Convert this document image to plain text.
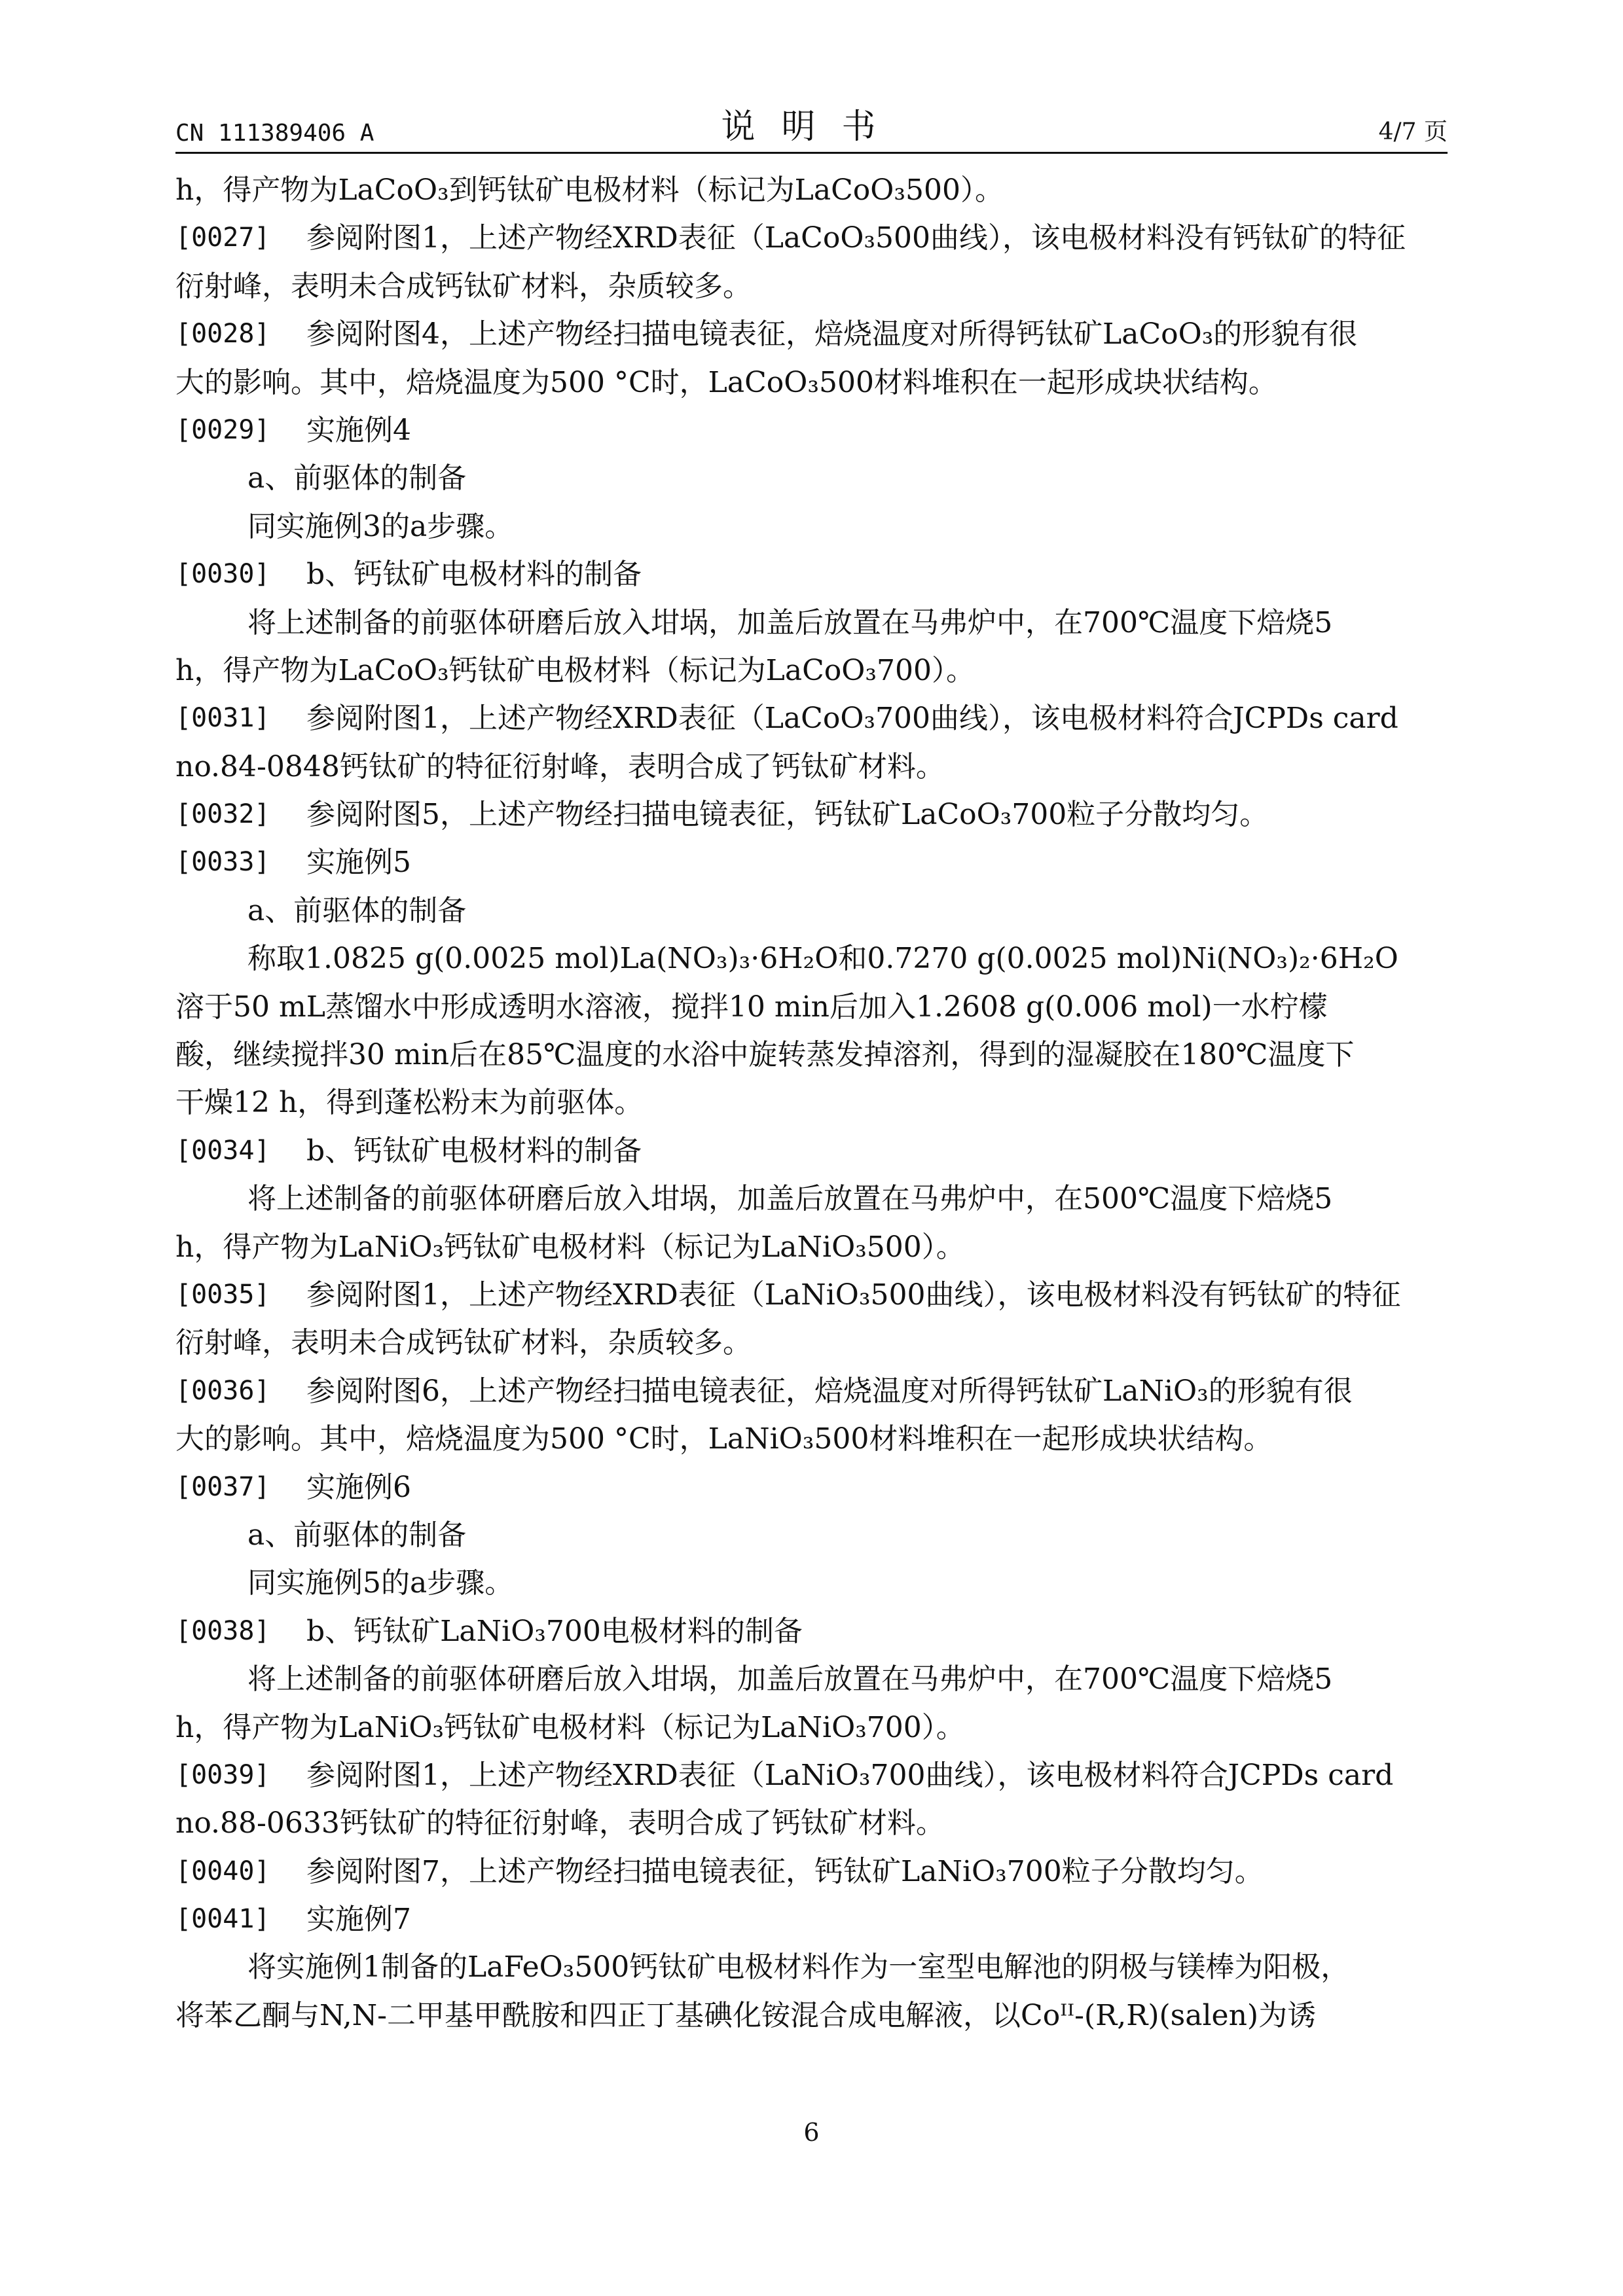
CN 111389406 A	说明书	4/7 页
h，得产物为LaCoO₃到钙钛矿电极材料（标记为LaCoO₃500）。
[0027]	参阅附图1，上述产物经XRD表征（LaCoO₃500曲线），该电极材料没有钙钛矿的特征
衍射峰，表明未合成钙钛矿材料，杂质较多。
[0028]	参阅附图4，上述产物经扫描电镜表征，焙烧温度对所得钙钛矿LaCoO₃的形貌有很
大的影响。其中，焙烧温度为500 °C时，LaCoO₃500材料堆积在一起形成块状结构。
[0029]	实施例4
a、前驱体的制备
同实施例3的a步骤。
[0030]	b、钙钛矿电极材料的制备
将上述制备的前驱体研磨后放入坩埚，加盖后放置在马弗炉中，在700℃温度下焙烧5
h，得产物为LaCoO₃钙钛矿电极材料（标记为LaCoO₃700）。
[0031]	参阅附图1，上述产物经XRD表征（LaCoO₃700曲线），该电极材料符合JCPDs card
no.84-0848钙钛矿的特征衍射峰，表明合成了钙钛矿材料。
[0032]	参阅附图5，上述产物经扫描电镜表征，钙钛矿LaCoO₃700粒子分散均匀。
[0033]	实施例5
a、前驱体的制备
称取1.0825 g(0.0025 mol)La(NO₃)₃·6H₂O和0.7270 g(0.0025 mol)Ni(NO₃)₂·6H₂O
溶于50 mL蒸馏水中形成透明水溶液，搅拌10 min后加入1.2608 g(0.006 mol)一水柠檬
酸，继续搅拌30 min后在85℃温度的水浴中旋转蒸发掉溶剂，得到的湿凝胶在180℃温度下
干燥12 h，得到蓬松粉末为前驱体。
[0034]	b、钙钛矿电极材料的制备
将上述制备的前驱体研磨后放入坩埚，加盖后放置在马弗炉中，在500℃温度下焙烧5
h，得产物为LaNiO₃钙钛矿电极材料（标记为LaNiO₃500）。
[0035]	参阅附图1，上述产物经XRD表征（LaNiO₃500曲线），该电极材料没有钙钛矿的特征
衍射峰，表明未合成钙钛矿材料，杂质较多。
[0036]	参阅附图6，上述产物经扫描电镜表征，焙烧温度对所得钙钛矿LaNiO₃的形貌有很
大的影响。其中，焙烧温度为500 °C时，LaNiO₃500材料堆积在一起形成块状结构。
[0037]	实施例6
a、前驱体的制备
同实施例5的a步骤。
[0038]	b、钙钛矿LaNiO₃700电极材料的制备
将上述制备的前驱体研磨后放入坩埚，加盖后放置在马弗炉中，在700℃温度下焙烧5
h，得产物为LaNiO₃钙钛矿电极材料（标记为LaNiO₃700）。
[0039]	参阅附图1，上述产物经XRD表征（LaNiO₃700曲线），该电极材料符合JCPDs card
no.88-0633钙钛矿的特征衍射峰，表明合成了钙钛矿材料。
[0040]	参阅附图7，上述产物经扫描电镜表征，钙钛矿LaNiO₃700粒子分散均匀。
[0041]	实施例7
将实施例1制备的LaFeO₃500钙钛矿电极材料作为一室型电解池的阴极与镁棒为阳极，
将苯乙酮与N,N-二甲基甲酰胺和四正丁基碘化铵混合成电解液，以Coᴵᴵ-(R,R)(salen)为诱
6
